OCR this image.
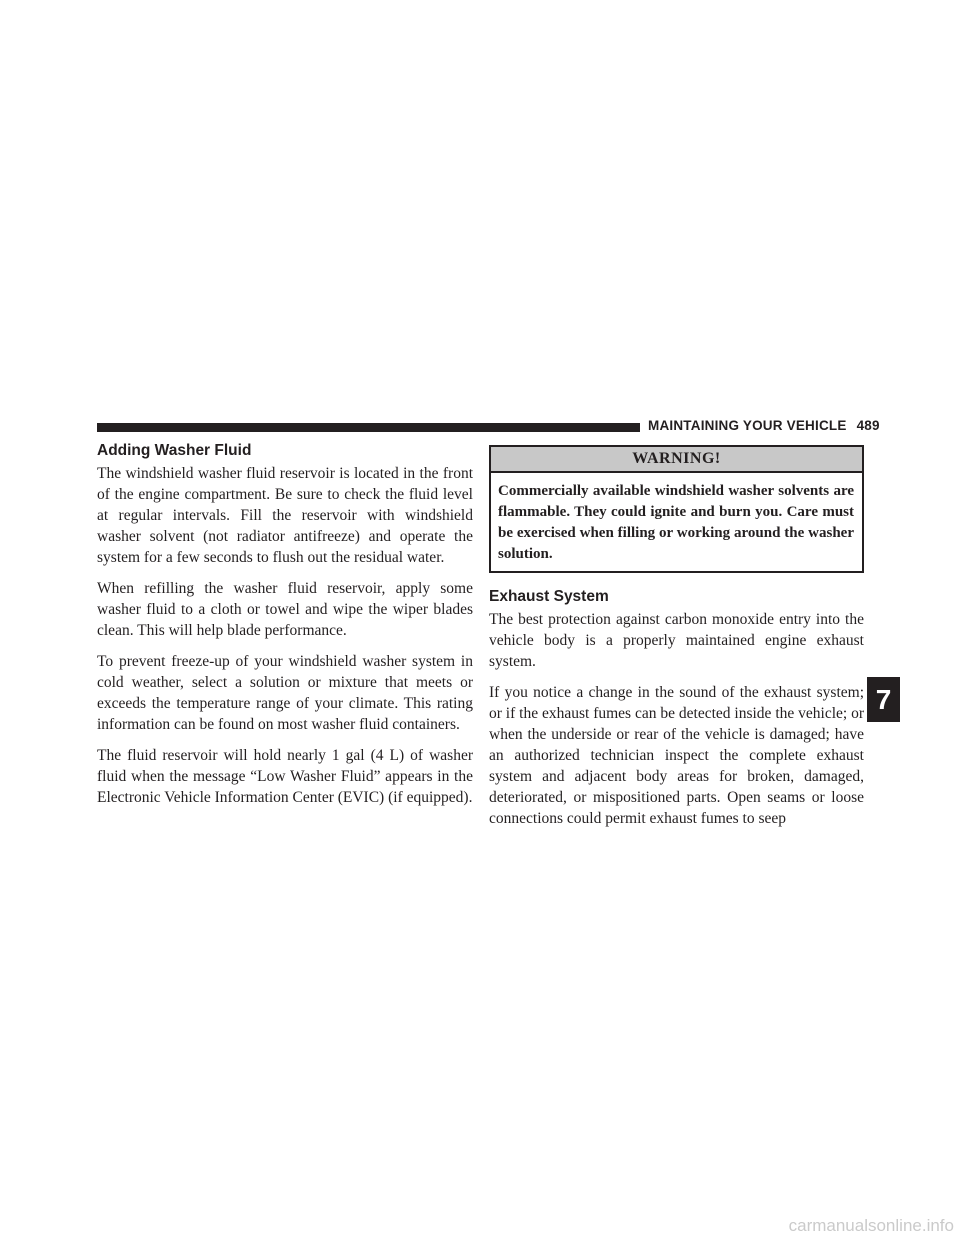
MAINTAINING YOUR VEHICLE 489
Adding Washer Fluid

The windshield washer fluid reservoir is located in the front of the engine compartment. Be sure to check the fluid level at regular intervals. Fill the reservoir with windshield washer solvent (not radiator antifreeze) and operate the system for a few seconds to flush out the residual water.

When refilling the washer fluid reservoir, apply some washer fluid to a cloth or towel and wipe the wiper blades clean. This will help blade performance.

To prevent freeze-up of your windshield washer system in cold weather, select a solution or mixture that meets or exceeds the temperature range of your climate. This rating information can be found on most washer fluid containers.

The fluid reservoir will hold nearly 1 gal (4 L) of washer fluid when the message “Low Washer Fluid” appears in the Electronic Vehicle Information Center (EVIC) (if equipped).

WARNING!
Commercially available windshield washer solvents are flammable. They could ignite and burn you. Care must be exercised when filling or working around the washer solution.
Exhaust System

The best protection against carbon monoxide entry into the vehicle body is a properly maintained engine exhaust system.

If you notice a change in the sound of the exhaust system; or if the exhaust fumes can be detected inside the vehicle; or when the underside or rear of the vehicle is damaged; have an authorized technician inspect the complete exhaust system and adjacent body areas for broken, damaged, deteriorated, or mispositioned parts. Open seams or loose connections could permit exhaust fumes to seep

7
carmanualsonline.info
